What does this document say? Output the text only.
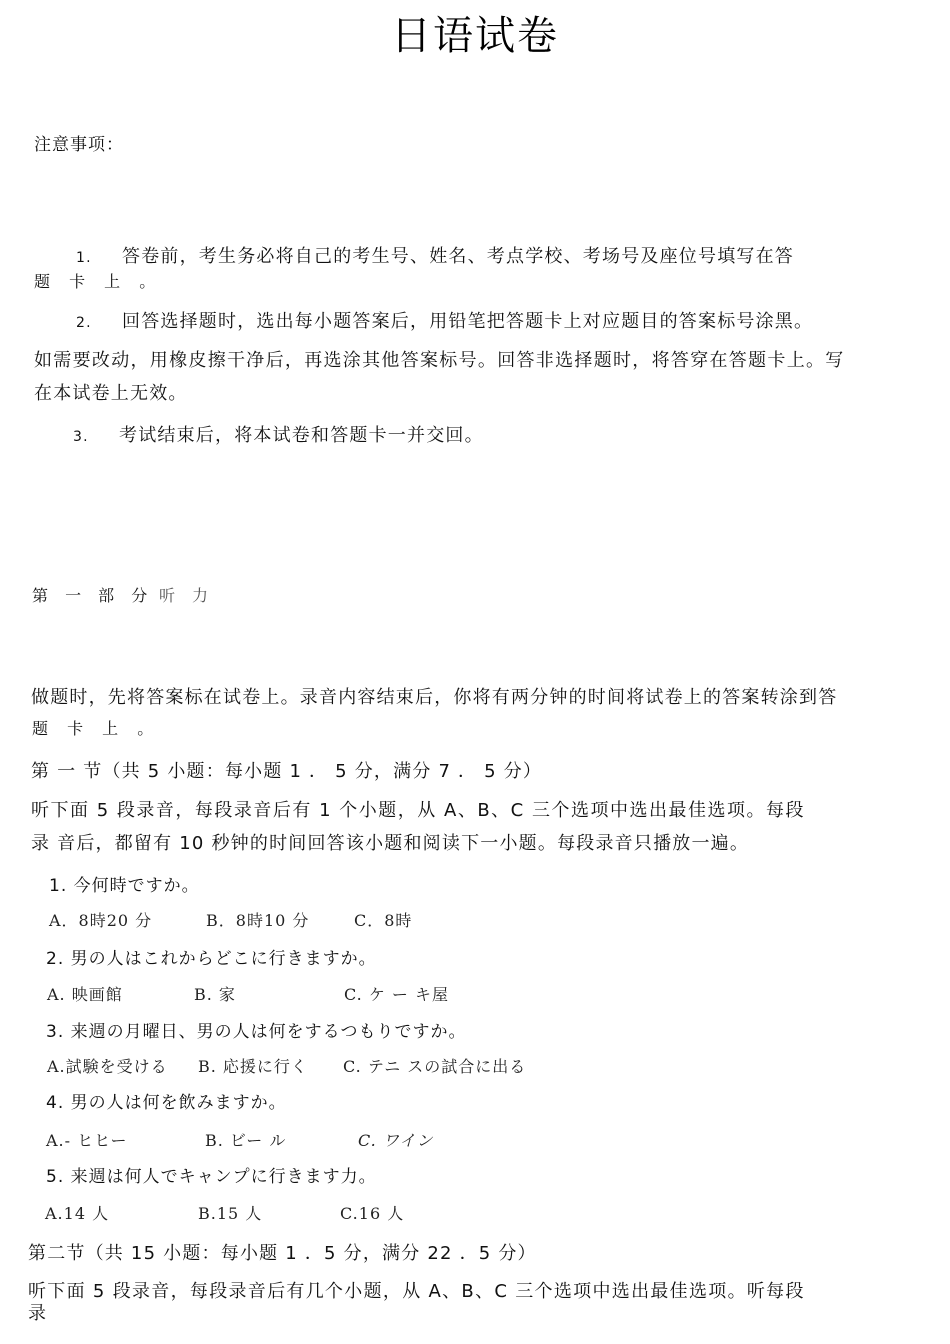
日语试卷
注意事项：
1. 答卷前，考生务必将自己的考生号、姓名、考点学校、考场号及座位号填写在答
题 卡 上 。
2. 回答选择题时，选出每小题答案后，用铅笔把答题卡上对应题目的答案标号涂黑。
如需要改动，用橡皮擦干净后，再选涂其他答案标号。回答非选择题时，将答穿在答题卡上。写
在本试卷上无效。
3. 考试结束后，将本试卷和答题卡一并交回。
第 一 部 分 听 力
做题时，先将答案标在试卷上。录音内容结束后，你将有两分钟的时间将试卷上的答案转涂到答
题 卡 上 。
第 一 节（共 5 小题：每小题 1 ． 5 分，满分 7 ． 5 分）
听下面 5 段录音，每段录音后有 1 个小题，从 A、B、C 三个选项中选出最佳选项。每段
录 音后，都留有 10 秒钟的时间回答该小题和阅读下一小题。每段录音只播放一遍。
1. 今何時ですか。
A．8時20 分	B．8時10 分	C．8時
2. 男の人はこれからどこに行きますか。
A. 映画館	B. 家	C. ケ ー キ屋
3. 来週の月曜日、男の人は何をするつもりですか。
A.試験を受ける B. 応援に行く C. テニ スの試合に出る
4. 男の人は何を飲みますか。
A.- ヒヒー	B. ビー ル	C. ワイン
5. 来週は何人でキャンプに行きます力。
A.14 人	B.15 人	C.16 人
第二节（共 15 小题：每小题 1 ．5 分，满分 22 ．5 分）
听下面 5 段录音，每段录音后有几个小题，从 A、B、C 三个选项中选出最佳选项。听每段
录
